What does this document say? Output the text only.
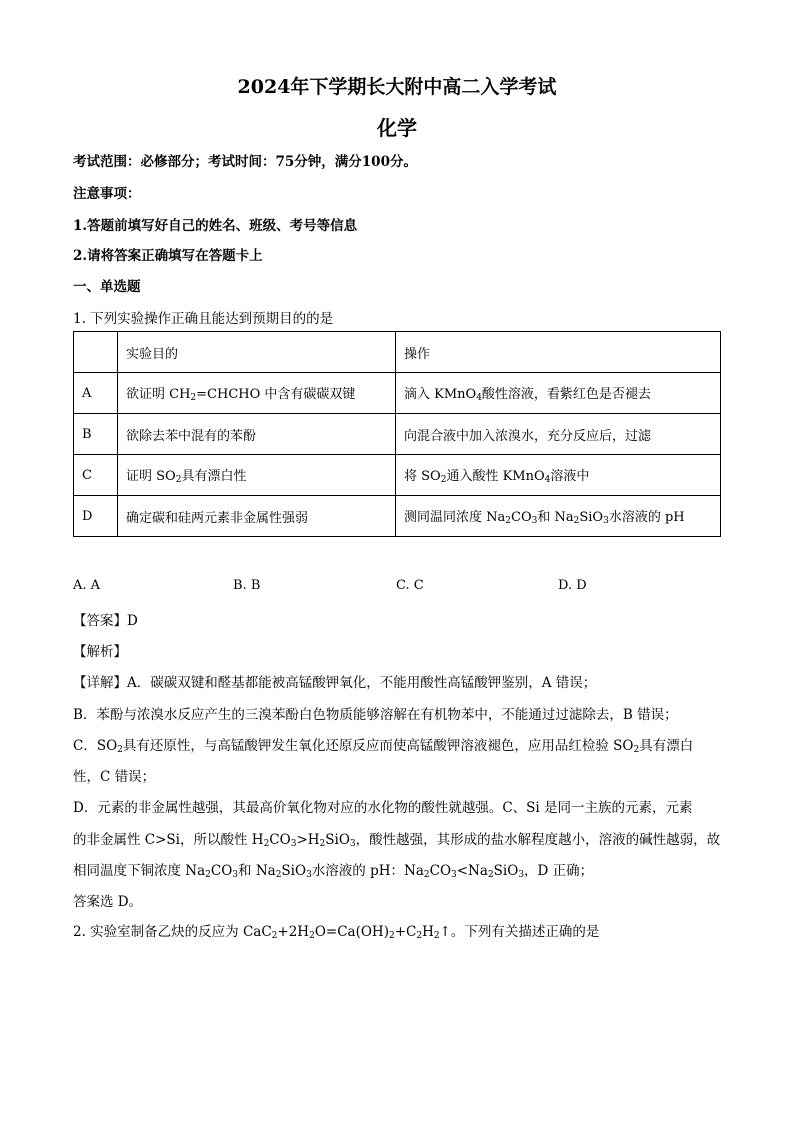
2024年下学期长大附中高二入学考试
化学
考试范围：必修部分；考试时间：75分钟，满分100分。
注意事项：
1.答题前填写好自己的姓名、班级、考号等信息
2.请将答案正确填写在答题卡上
一、单选题
1. 下列实验操作正确且能达到预期目的的是
	实验目的	操作
A	欲证明 $CH_2=CHCHO$ 中含有碳碳双键	滴入 KMnO$_4$酸性溶液，看紫红色是否褪去
B	欲除去苯中混有的苯酚	向混合液中加入浓溴水，充分反应后，过滤
C	证明 $SO_2$具有漂白性	将 $SO_2$通入酸性 KMnO$_4$溶液中
D	确定碳和硅两元素非金属性强弱	测同温同浓度 $Na_2CO_3$和 $Na_2SiO_3$水溶液的 pH
A. A	B. B	C. C	D. D
【答案】D
【解析】
【详解】A．碳碳双键和醛基都能被高锰酸钾氧化，不能用酸性高锰酸钾鉴别，A 错误；
B．苯酚与浓溴水反应产生的三溴苯酚白色物质能够溶解在有机物苯中，不能通过过滤除去，B 错误；
C．$SO_2$具有还原性，与高锰酸钾发生氧化还原反应而使高锰酸钾溶液褪色，应用品红检验 $SO_2$具有漂白
性，C 错误；
D．元素的非金属性越强，其最高价氧化物对应的水化物的酸性就越强。C、Si 是同一主族的元素，元素
的非金属性 C>Si，所以酸性 $H_2CO_3>H_2SiO_3$，酸性越强，其形成的盐水解程度越小，溶液的碱性越弱，故
相同温度下铜浓度 $Na_2CO_3$和 $Na_2SiO_3$水溶液的 pH：$Na_2CO_3<Na_2SiO_3$，D 正确；
答案选 D。
2. 实验室制备乙炔的反应为 $CaC_2+2H_2O=Ca(OH)_2+C_2H_2↑$。下列有关描述正确的是
